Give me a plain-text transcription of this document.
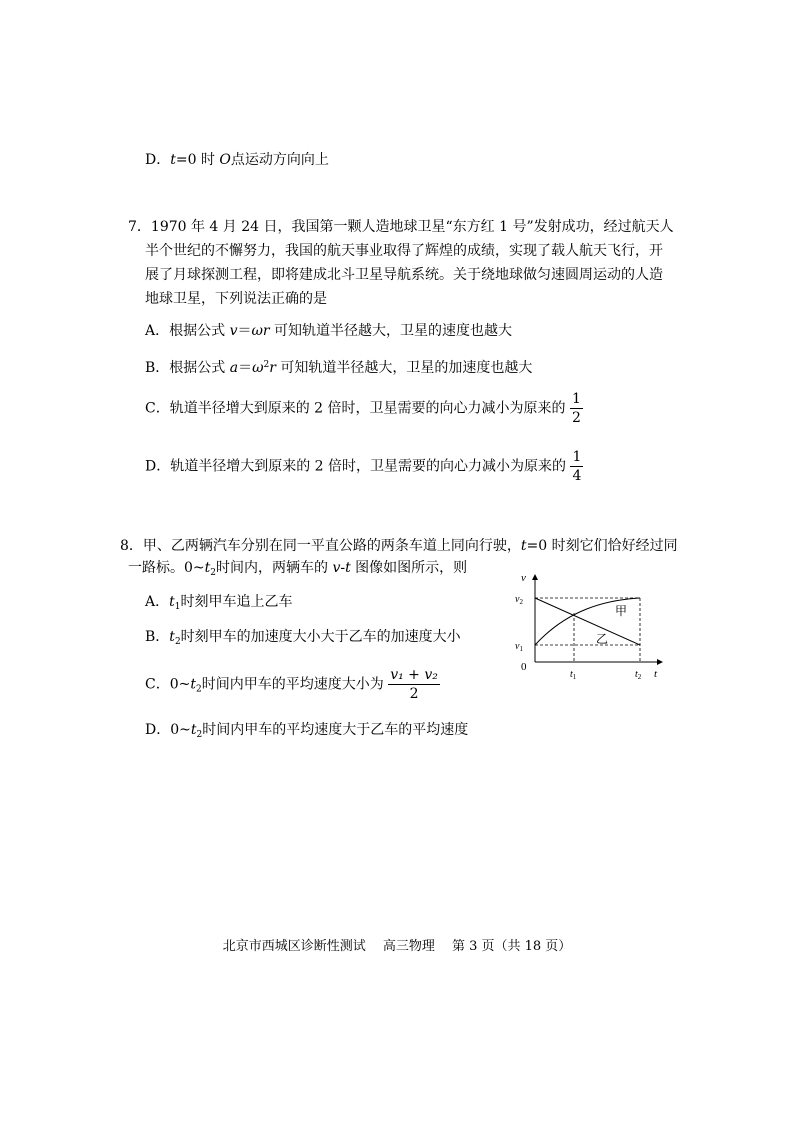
D．t=0 时 O点运动方向向上
7．1970 年 4 月 24 日，我国第一颗人造地球卫星“东方红 1 号”发射成功，经过航天人
半个世纪的不懈努力，我国的航天事业取得了辉煌的成绩，实现了载人航天飞行，开
展了月球探测工程，即将建成北斗卫星导航系统。关于绕地球做匀速圆周运动的人造
地球卫星，下列说法正确的是
A．根据公式 v＝ωr 可知轨道半径越大，卫星的速度也越大
B．根据公式 $a=\omega^2r$ 可知轨道半径越大，卫星的加速度也越大
C．轨道半径增大到原来的 2 倍时，卫星需要的向心力减小为原来的 $\frac{1}{2}$
D．轨道半径增大到原来的 2 倍时，卫星需要的向心力减小为原来的 $\frac{1}{4}$
8．甲、乙两辆汽车分别在同一平直公路的两条车道上同向行驶，t=0 时刻它们恰好经过同
一路标。$0\sim t_2$时间内，两辆车的 v-t 图像如图所示，则
A．$t_1$时刻甲车追上乙车
B．$t_2$时刻甲车的加速度大小大于乙车的加速度大小
C．$0\sim t_2$时间内甲车的平均速度大小为 $\frac{\text{v₁ + v₂}}{2}$
D．$0\sim t_2$时间内甲车的平均速度大于乙车的平均速度
v
t
0
$v_2$
$v_1$
$t_1$	$t_2$
甲
乙
北京市西城区诊断性测试　 高三物理　 第 3 页（共 18 页）
